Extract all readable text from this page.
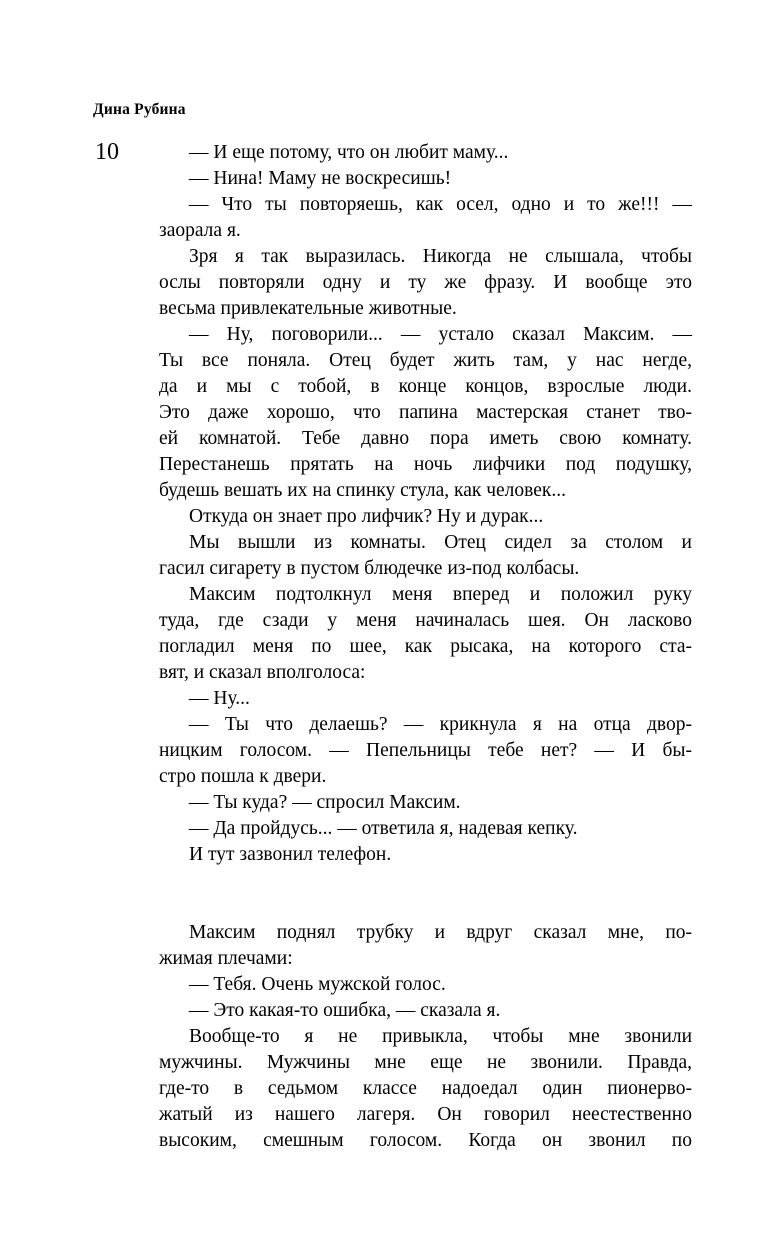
Дина Рубина
10	— И еще потому, что он любит маму...
— Нина! Маму не воскресишь!
— Что ты повторяешь, как осел, одно и то же!!! —
заорала я.
Зря я так выразилась. Никогда не слышала, чтобы
ослы повторяли одну и ту же фразу. И вообще это
весьма привлекательные животные.
— Ну, поговорили... — устало сказал Максим. —
Ты все поняла. Отец будет жить там, у нас негде,
да и мы с тобой, в конце концов, взрослые люди.
Это даже хорошо, что папина мастерская станет тво-
ей комнатой. Тебе давно пора иметь свою комнату.
Перестанешь прятать на ночь лифчики под подушку,
будешь вешать их на спинку стула, как человек...
Откуда он знает про лифчик? Ну и дурак...
Мы вышли из комнаты. Отец сидел за столом и
гасил сигарету в пустом блюдечке из-под колбасы.
Максим подтолкнул меня вперед и положил руку
туда, где сзади у меня начиналась шея. Он ласково
погладил меня по шее, как рысака, на которого ста-
вят, и сказал вполголоса:
— Ну...
— Ты что делаешь? — крикнула я на отца двор-
ницким голосом. — Пепельницы тебе нет? — И бы-
стро пошла к двери.
— Ты куда? — спросил Максим.
— Да пройдусь... — ответила я, надевая кепку.
И тут зазвонил телефон.
Максим поднял трубку и вдруг сказал мне, по-
жимая плечами:
— Тебя. Очень мужской голос.
— Это какая-то ошибка, — сказала я.
Вообще-то я не привыкла, чтобы мне звонили
мужчины. Мужчины мне еще не звонили. Правда,
где-то в седьмом классе надоедал один пионерво-
жатый из нашего лагеря. Он говорил неестественно
высоким, смешным голосом. Когда он звонил по
